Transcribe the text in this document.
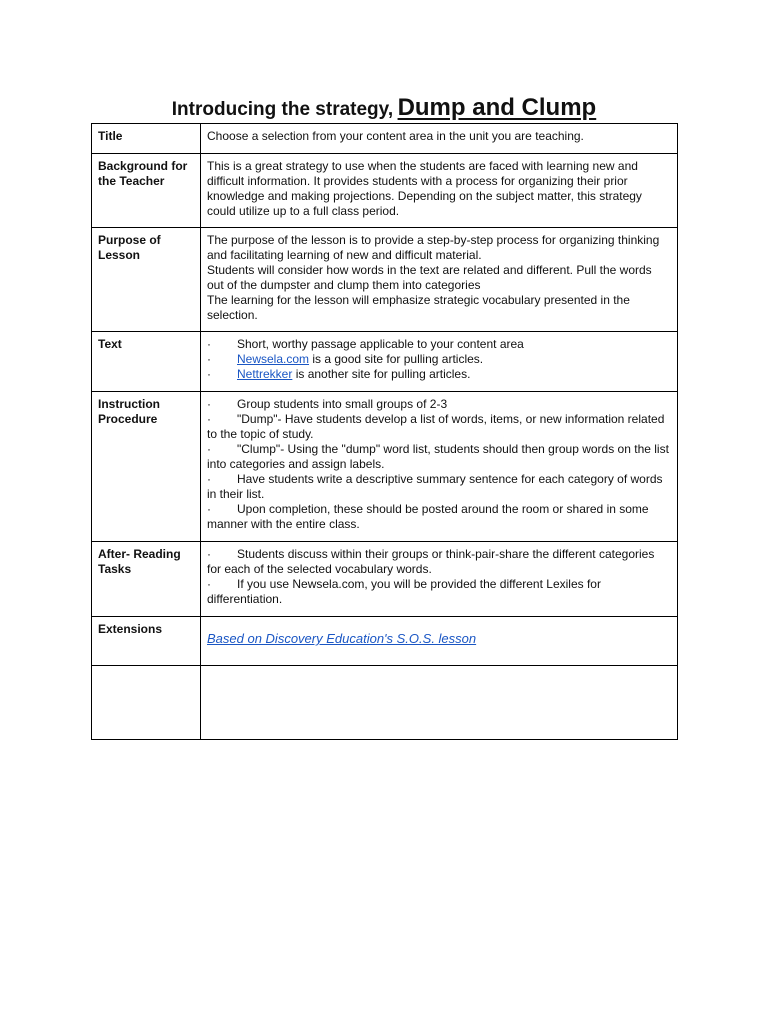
Introducing the strategy, Dump and Clump
Title	Choose a selection from your content area in the unit you are teaching.
Background for the Teacher	This is a great strategy to use when the students are faced with learning new and difficult information. It provides students with a process for organizing their prior knowledge and making projections. Depending on the subject matter, this strategy could utilize up to a full class period.
Purpose of Lesson	The purpose of the lesson is to provide a step-by-step process for organizing thinking and facilitating learning of new and difficult material.
Students will consider how words in the text are related and different. Pull the words out of the dumpster and clump them into categories
The learning for the lesson will emphasize strategic vocabulary presented in the selection.

Text	· Short, worthy passage applicable to your content area
· Newsela.com is a good site for pulling articles.
· Nettrekker is another site for pulling articles.

Instruction Procedure	· Group students into small groups of 2-3
· "Dump"- Have students develop a list of words, items, or new information related to the topic of study.
· "Clump"- Using the "dump" word list, students should then group words on the list into categories and assign labels.
· Have students write a descriptive summary sentence for each category of words in their list.
· Upon completion, these should be posted around the room or shared in some manner with the entire class.

After- Reading Tasks	· Students discuss within their groups or think-pair-share the different categories for each of the selected vocabulary words.
· If you use Newsela.com, you will be provided the different Lexiles for differentiation.

Extensions	Based on Discovery Education's S.O.S. lesson
